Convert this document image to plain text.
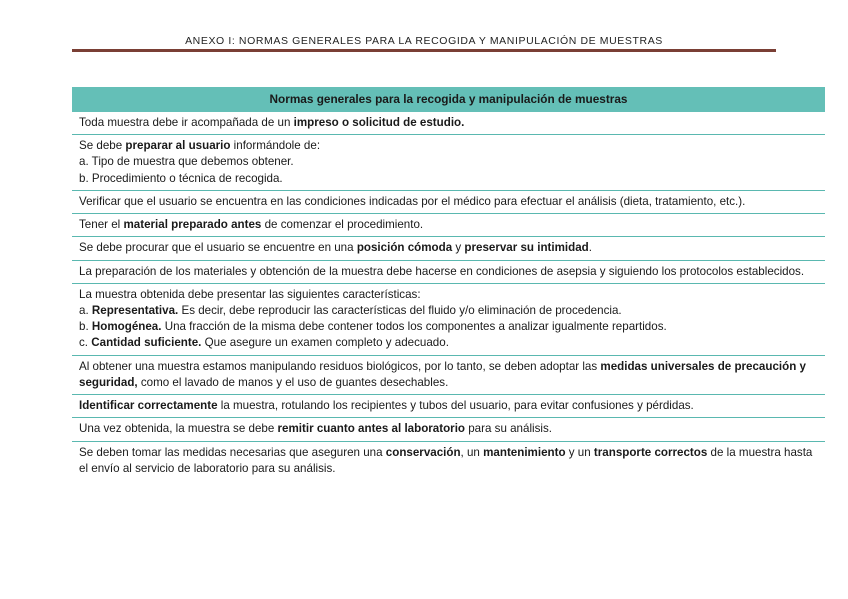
ANEXO I: NORMAS GENERALES PARA LA RECOGIDA Y MANIPULACIÓN DE MUESTRAS
Normas generales para la recogida y manipulación de muestras
Toda muestra debe ir acompañada de un impreso o solicitud de estudio.

Se debe preparar al usuario informándole de:
a. Tipo de muestra que debemos obtener.
b. Procedimiento o técnica de recogida.

Verificar que el usuario se encuentra en las condiciones indicadas por el médico para efectuar el análisis (dieta, tratamiento, etc.).
Tener el material preparado antes de comenzar el procedimiento.
Se debe procurar que el usuario se encuentre en una posición cómoda y preservar su intimidad.
La preparación de los materiales y obtención de la muestra debe hacerse en condiciones de asepsia y siguiendo los protocolos establecidos.

La muestra obtenida debe presentar las siguientes características:
a. Representativa. Es decir, debe reproducir las características del fluido y/o eliminación de procedencia.
b. Homogénea. Una fracción de la misma debe contener todos los componentes a analizar igualmente repartidos.
c. Cantidad suficiente. Que asegure un examen completo y adecuado.

Al obtener una muestra estamos manipulando residuos biológicos, por lo tanto, se deben adoptar las medidas universales de precaución y seguridad, como el lavado de manos y el uso de guantes desechables.
Identificar correctamente la muestra, rotulando los recipientes y tubos del usuario, para evitar confusiones y pérdidas.
Una vez obtenida, la muestra se debe remitir cuanto antes al laboratorio para su análisis.
Se deben tomar las medidas necesarias que aseguren una conservación, un mantenimiento y un transporte correctos de la muestra hasta el envío al servicio de laboratorio para su análisis.
